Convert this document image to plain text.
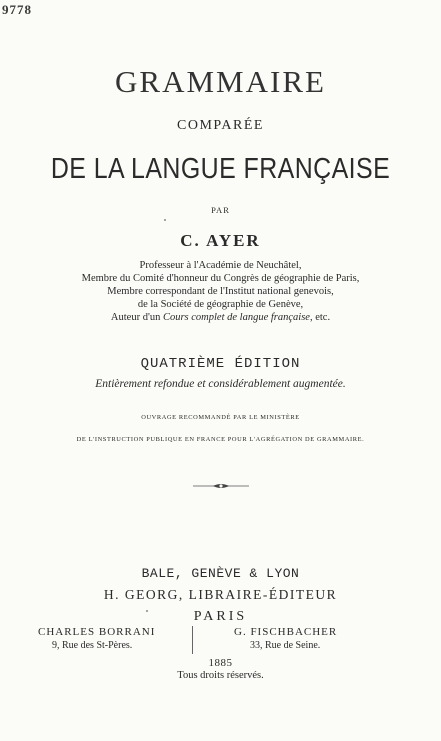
9778
GRAMMAIRE
COMPARÉE
DE LA LANGUE FRANÇAISE
PAR
C. AYER
Professeur à l'Académie de Neuchâtel,
Membre du Comité d'honneur du Congrès de géographie de Paris,
Membre correspondant de l'Institut national genevois,
de la Société de géographie de Genève,
Auteur d'un Cours complet de langue française, etc.
QUATRIÈME ÉDITION
Entièrement refondue et considérablement augmentée.
OUVRAGE RECOMMANDÉ PAR LE MINISTÈRE
DE L'INSTRUCTION PUBLIQUE EN FRANCE POUR L'AGRÉGATION DE GRAMMAIRE.
BALE, GENÈVE & LYON
H. GEORG, LIBRAIRE-ÉDITEUR
PARIS
CHARLES BORRANI
9, Rue des St-Pères.
G. FISCHBACHER
33, Rue de Seine.
1885
Tous droits réservés.
